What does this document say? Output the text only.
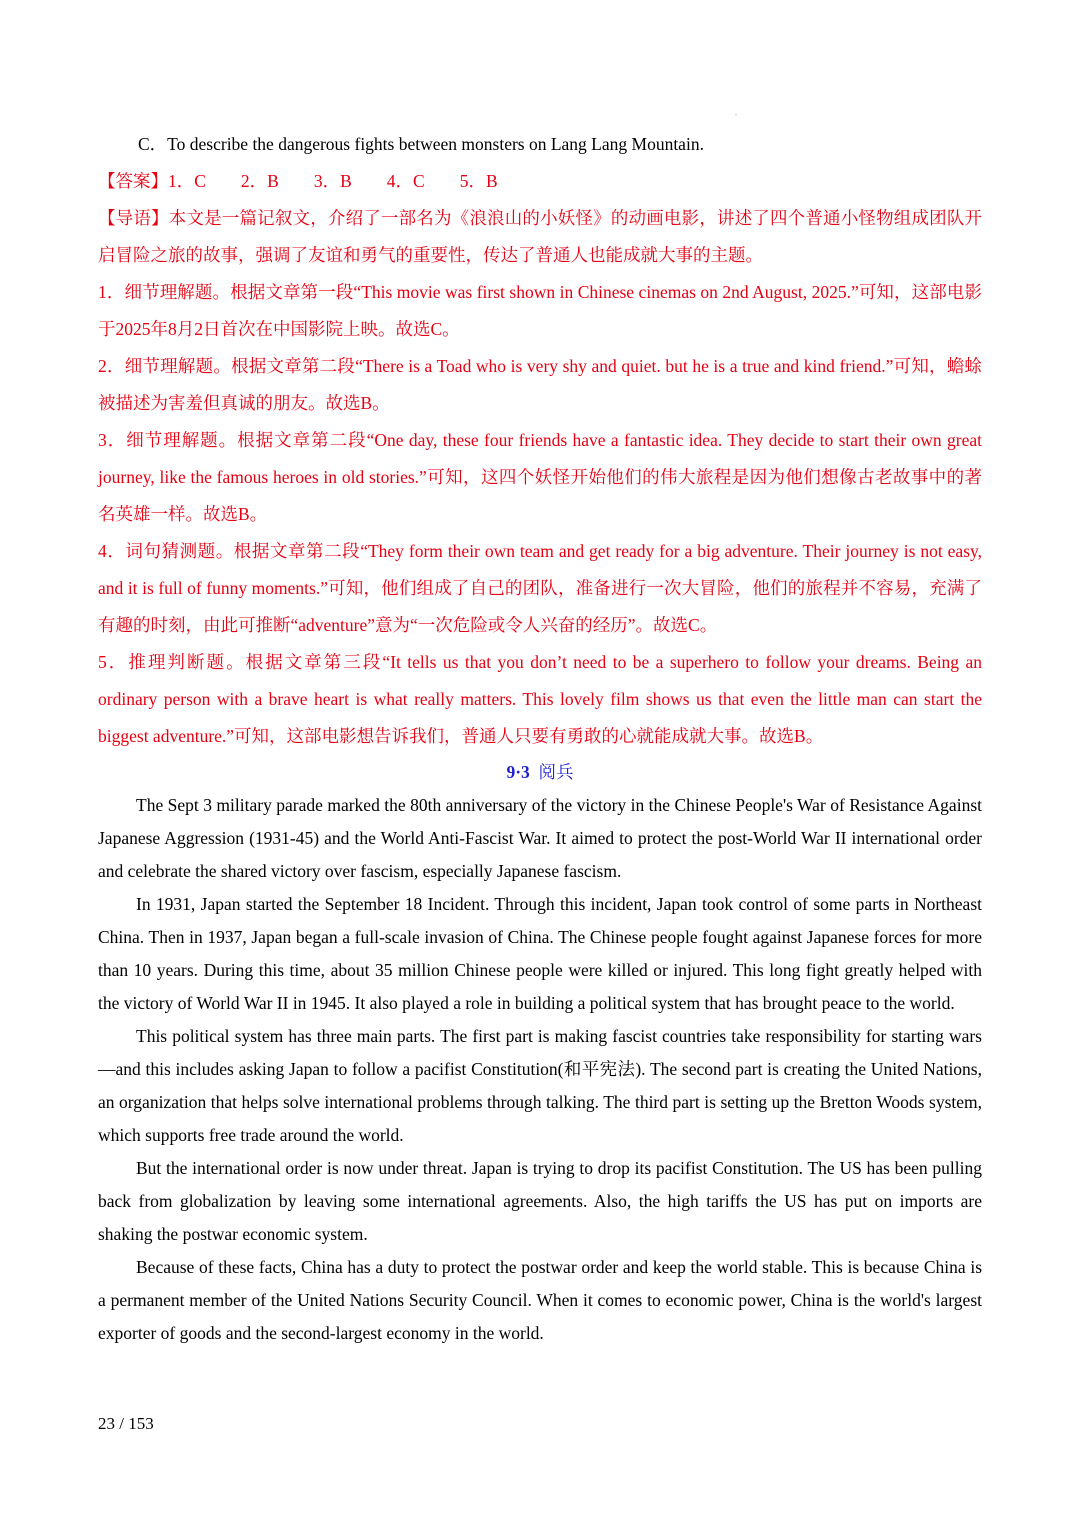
C．To describe the dangerous fights between monsters on Lang Lang Mountain.

【答案】1．C　　2．B　　3．B　　4．C　　5．B

【导语】本文是一篇记叙文，介绍了一部名为《浪浪山的小妖怪》的动画电影，讲述了四个普通小怪物组成团队开启冒险之旅的故事，强调了友谊和勇气的重要性，传达了普通人也能成就大事的主题。

1．细节理解题。根据文章第一段“This movie was first shown in Chinese cinemas on 2nd August, 2025.”可知，这部电影于2025年8月2日首次在中国影院上映。故选C。

2．细节理解题。根据文章第二段“There is a Toad who is very shy and quiet. but he is a true and kind friend.”可知，蟾蜍被描述为害羞但真诚的朋友。故选B。

3．细节理解题。根据文章第二段“One day, these four friends have a fantastic idea. They decide to start their own great journey, like the famous heroes in old stories.”可知，这四个妖怪开始他们的伟大旅程是因为他们想像古老故事中的著名英雄一样。故选B。

4．词句猜测题。根据文章第二段“They form their own team and get ready for a big adventure. Their journey is not easy, and it is full of funny moments.”可知，他们组成了自己的团队，准备进行一次大冒险，他们的旅程并不容易，充满了有趣的时刻，由此可推断“adventure”意为“一次危险或令人兴奋的经历”。故选C。

5．推理判断题。根据文章第三段“It tells us that you don’t need to be a superhero to follow your dreams. Being an ordinary person with a brave heart is what really matters. This lovely film shows us that even the little man can start the biggest adventure.”可知，这部电影想告诉我们，普通人只要有勇敢的心就能成就大事。故选B。

9·3 阅兵

The Sept 3 military parade marked the 80th anniversary of the victory in the Chinese People's War of Resistance Against Japanese Aggression (1931-45) and the World Anti-Fascist War. It aimed to protect the post-World War II international order and celebrate the shared victory over fascism, especially Japanese fascism.

In 1931, Japan started the September 18 Incident. Through this incident, Japan took control of some parts in Northeast China. Then in 1937, Japan began a full-scale invasion of China. The Chinese people fought against Japanese forces for more than 10 years. During this time, about 35 million Chinese people were killed or injured. This long fight greatly helped with the victory of World War II in 1945. It also played a role in building a political system that has brought peace to the world.

This political system has three main parts. The first part is making fascist countries take responsibility for starting wars—and this includes asking Japan to follow a pacifist Constitution(和平宪法). The second part is creating the United Nations, an organization that helps solve international problems through talking. The third part is setting up the Bretton Woods system, which supports free trade around the world.

But the international order is now under threat. Japan is trying to drop its pacifist Constitution. The US has been pulling back from globalization by leaving some international agreements. Also, the high tariffs the US has put on imports are shaking the postwar economic system.

Because of these facts, China has a duty to protect the postwar order and keep the world stable. This is because China is a permanent member of the United Nations Security Council. When it comes to economic power, China is the world's largest exporter of goods and the second-largest economy in the world.

23 / 153
